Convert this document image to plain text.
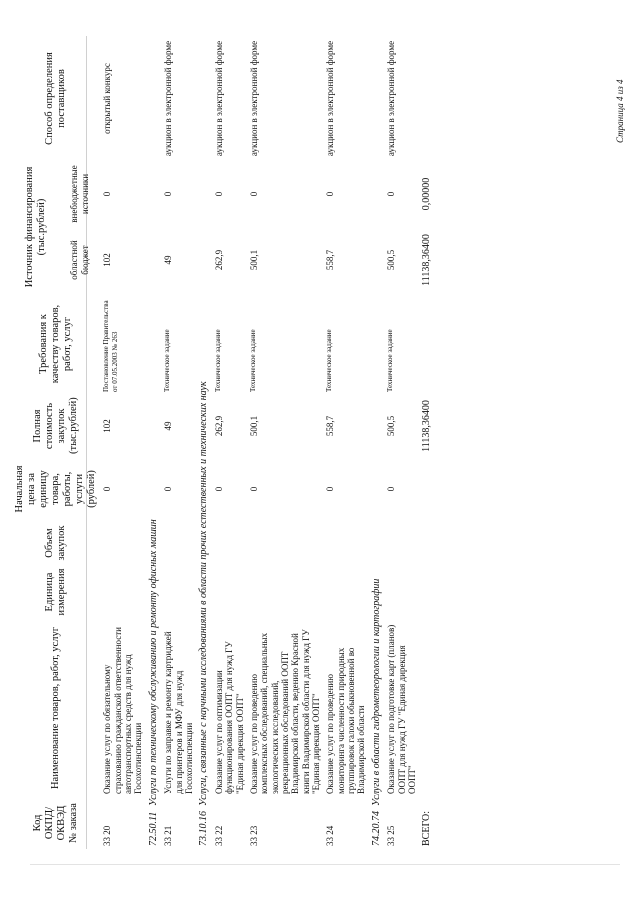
Код ОКПД/ ОКВЭД № заказа	Наименование товаров, работ, услуг	Единица измерения	Объем закупок	Начальная цена за единицу товара, работы, услуги (рублей)	Полная стоимость закупок (тыс.рублей)	Требования к качеству товаров, работ, услуг	Источник финансирования (тыс.рублей)		Способ определения поставщиков
							областной бюджет	внебюджетные источники	
33 20	Оказание услуг по обязательному страхованию гражданской ответственности автотранспортных средств для нужд Госохотинспекции			0	102	Постановление Правительства от 07.05.2003 № 263	102	0	открытый конкурс
72.50.11Услуги по техническому обслуживанию и ремонту офисных машин									
33 21	Услуги по заправке и ремонту картриджей для принтеров и МФУ для нужд Госохотинспекции			0	49	Техническое задание	49	0	аукцион в электронной форме
73.10.16Услуги, связанные с научными исследованиями в области прочих естественных и технических наук									
33 22	Оказание услуг по оптимизации функционирования ООПТ для нужд ГУ "Единая дирекция ООПТ"			0	262,9	Техническое задание	262,9	0	аукцион в электронной форме
33 23	Оказание услуг по проведению комплексных обследований, специальных экологических исследований, рекреационных обследований ООПТ Владимирской области, ведению Красной книги Владимирской области для нужд ГУ "Единая дирекция ООПТ"			0	500,1	Техническое задание	500,1	0	аукцион в электронной форме
33 24	Оказание услуг по проведению мониторинга численности природных группировок галоки обыкновенной во Владимирской области			0	558,7	Техническое задание	558,7	0	аукцион в электронной форме
74.20.74Услуги в области гидрометеорологии и картографии									
33 25	Оказание услуг по подготовке карт (планов) ООПТ для нужд ГУ "Единая дирекция ООПТ"			0	500,5	Техническое задание	500,5	0	аукцион в электронной форме
ВСЕГО:					11138,36400		11138,36400	0,00000	
Страница 4 из 4
